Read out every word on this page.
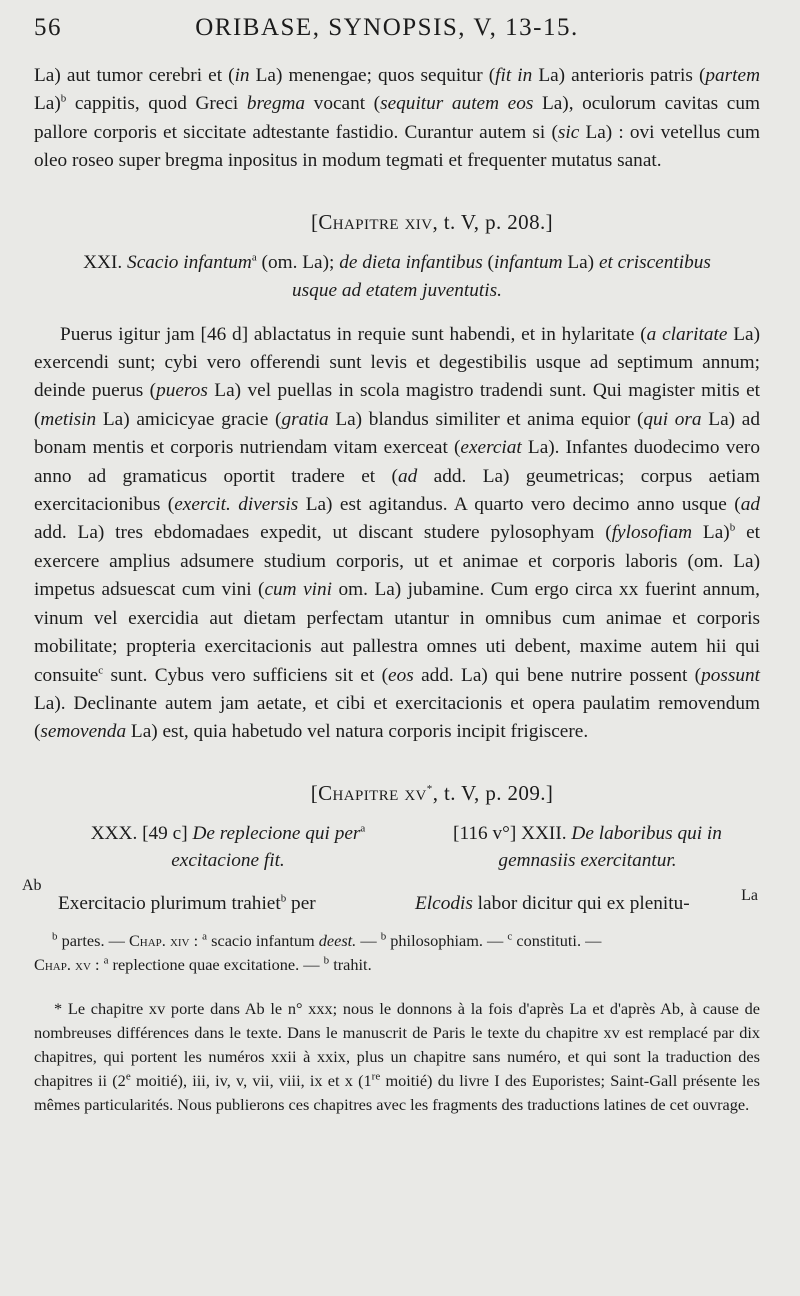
56	ORIBASE, SYNOPSIS, V, 13-15.

La) aut tumor cerebri et (in La) menengae; quos sequitur (fit in La) anterioris patris (partem La)$^b$ cappitis, quod Greci bregma vocant (sequitur autem eos La), oculorum cavitas cum pallore corporis et siccitate adtestante fastidio. Curantur autem si (sic La) : ovi vetellus cum oleo roseo super bregma inpositus in modum tegmati et frequenter mutatus sanat.

[Chapitre xiv, t. V, p. 208.]
XXI. Scacio infantum$^a$ (om. La); de dieta infantibus (infantum La) et criscentibus
usque ad etatem juventutis.

Puerus igitur jam [46 d] ablactatus in requie sunt habendi, et in hylaritate (a claritate La) exercendi sunt; cybi vero offerendi sunt levis et degestibilis usque ad septimum annum; deinde puerus (pueros La) vel puellas in scola magistro tradendi sunt. Qui magister mitis et (metisin La) amicicyae gracie (gratia La) blandus similiter et anima equior (qui ora La) ad bonam mentis et corporis nutriendam vitam exerceat (exerciat La). Infantes duodecimo vero anno ad gramaticus oportit tradere et (ad add. La) geumetricas; corpus aetiam exercitacionibus (exercit. diversis La) est agitandus. A quarto vero decimo anno usque (ad add. La) tres ebdomadaes expedit, ut discant studere pylosophyam (fylosofiam La)$^b$ et exercere amplius adsumere studium corporis, ut et animae et corporis laboris (om. La) impetus adsuescat cum vini (cum vini om. La) jubamine. Cum ergo circa xx fuerint annum, vinum vel exercidia aut dietam perfectam utantur in omnibus cum animae et corporis mobilitate; propteria exercitacionis aut pallestra omnes uti debent, maxime autem hii qui consuite$^c$ sunt. Cybus vero sufficiens sit et (eos add. La) qui bene nutrire possent (possunt La). Declinante autem jam aetate, et cibi et exercitacionis et opera paulatim removendum (semovenda La) est, quia habetudo vel natura corporis incipit frigiscere.

[Chapitre xv*, t. V, p. 209.]
XXX. [49 c] De replecione qui per$^a$
excitacione fit.
Ab
Exercitacio plurimum trahiet$^b$ per
[116 v°] XXII. De laboribus qui in
gemnasiis exercitantur.
La
Elcodis labor dicitur qui ex plenitu-

$^b$ partes. — Chap. xiv : $^a$ scacio infantum deest. — $^b$ philosophiam. — $^c$ constituti. —

Chap. xv : $^a$ replectione quae excitatione. — $^b$ trahit.

* Le chapitre xv porte dans Ab le n° xxx; nous le donnons à la fois d'après La et d'après Ab, à cause de nombreuses différences dans le texte. Dans le manuscrit de Paris le texte du chapitre xv est remplacé par dix chapitres, qui portent les numéros xxii à xxix, plus un chapitre sans numéro, et qui sont la traduction des chapitres ii (2e moitié), iii, iv, v, vii, viii, ix et x (1re moitié) du livre I des Euporistes; Saint-Gall présente les mêmes particularités. Nous publierons ces chapitres avec les fragments des traductions latines de cet ouvrage.
